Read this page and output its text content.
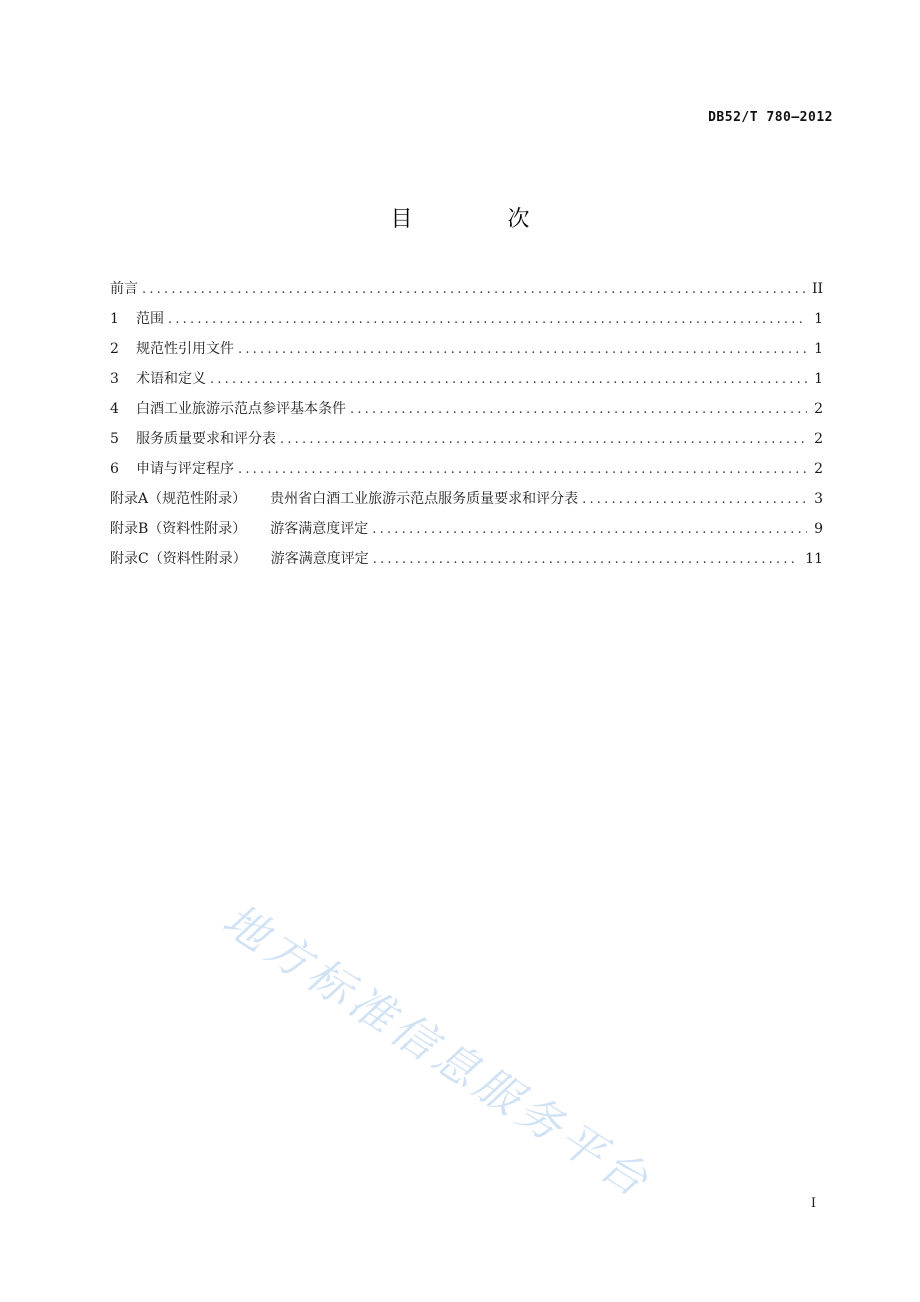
DB52/T 780—2012
目 次
前言 .....	II
1	范围 .....	1
2	规范性引用文件 .....	1
3	术语和定义 .....	1
4	白酒工业旅游示范点参评基本条件 .....	2
5	服务质量要求和评分表 .....	2
6	申请与评定程序 .....	2
附录A（规范性附录） 贵州省白酒工业旅游示范点服务质量要求和评分表 .....	3
附录B（资料性附录） 游客满意度评定 .....	9
附录C（资料性附录） 游客满意度评定 .....	11
地方标准信息服务平台	I
